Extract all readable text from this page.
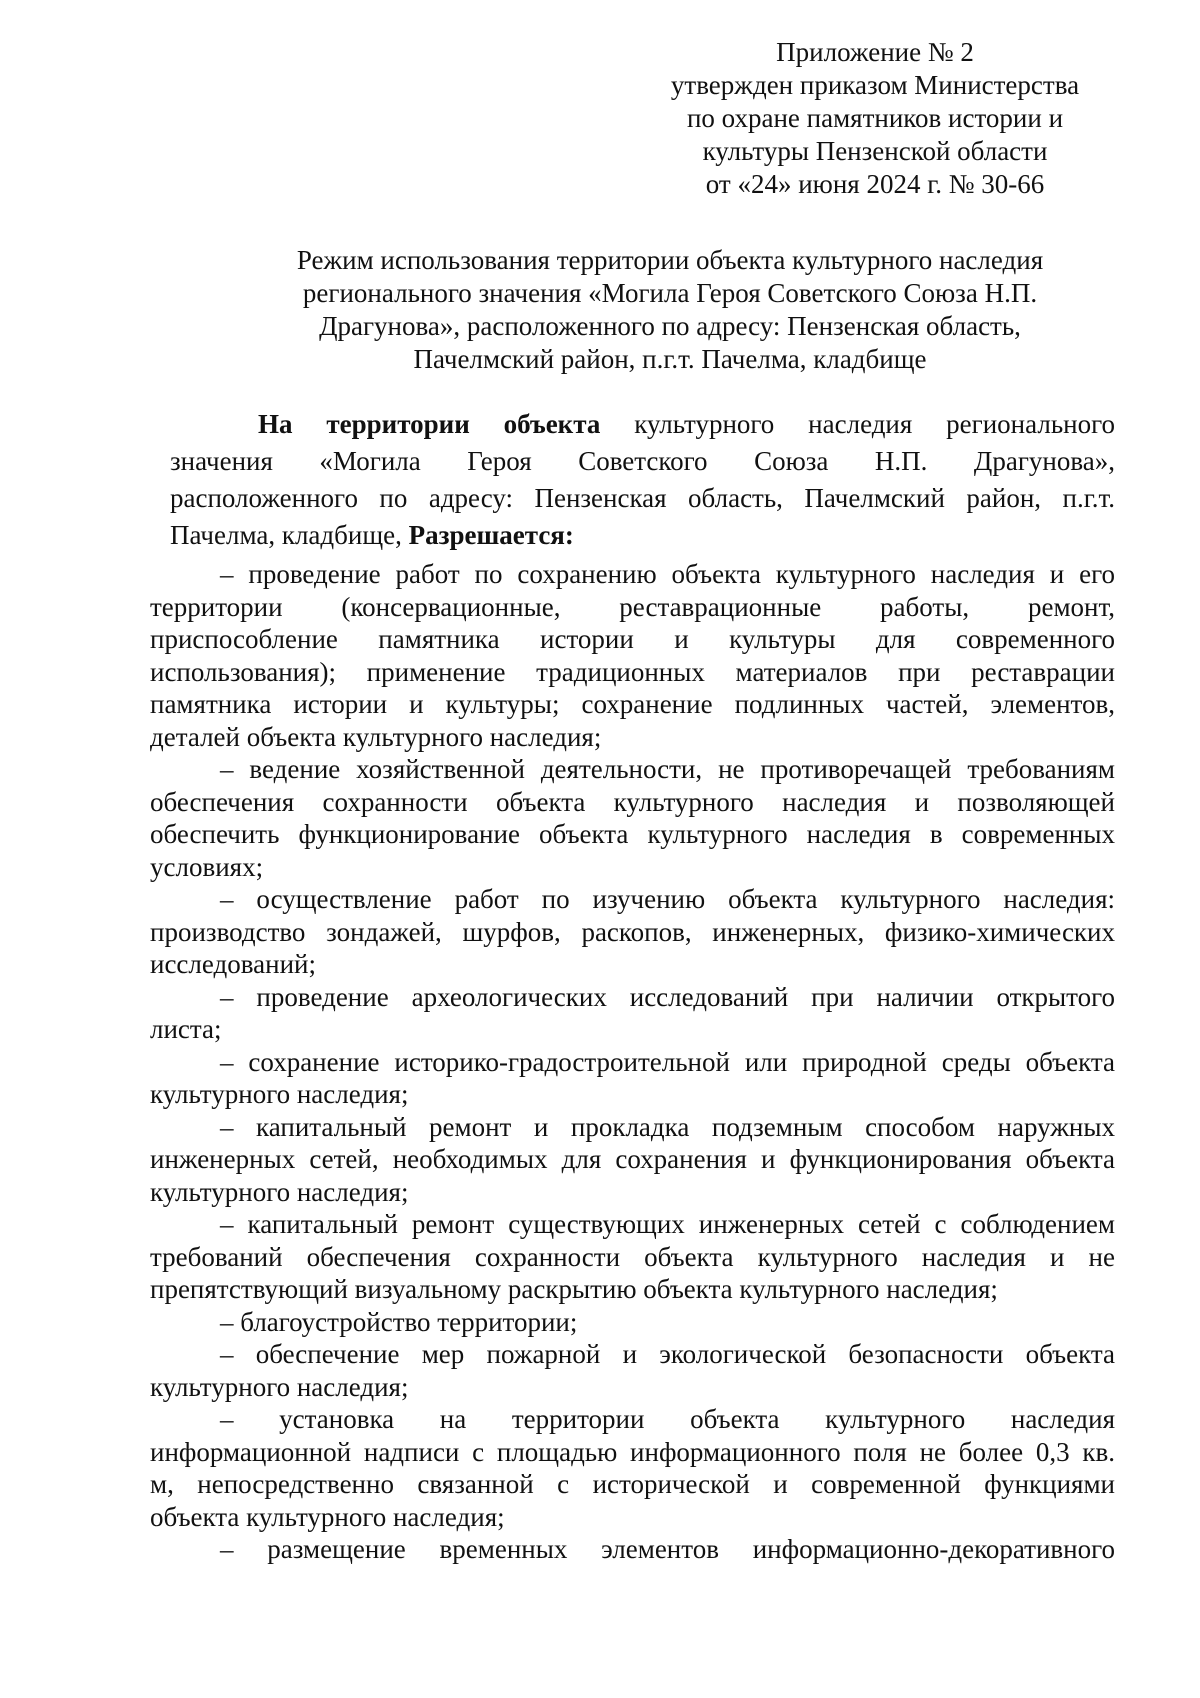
Приложение № 2
утвержден приказом Министерства
по охране памятников истории и
культуры Пензенской области
от «24» июня 2024 г. № 30-66
Режим использования территории объекта культурного наследия
регионального значения «Могила Героя Советского Союза Н.П.
Драгунова», расположенного по адресу: Пензенская область,
Пачелмский район, п.г.т. Пачелма, кладбище
На территории объекта культурного наследия регионального
значения «Могила Героя Советского Союза Н.П. Драгунова»,
расположенного по адресу: Пензенская область, Пачелмский район, п.г.т.
Пачелма, кладбище, Разрешается:
– проведение работ по сохранению объекта культурного наследия и его
территории (консервационные, реставрационные работы, ремонт,
приспособление памятника истории и культуры для современного
использования); применение традиционных материалов при реставрации
памятника истории и культуры; сохранение подлинных частей, элементов,
деталей объекта культурного наследия;
– ведение хозяйственной деятельности, не противоречащей требованиям
обеспечения сохранности объекта культурного наследия и позволяющей
обеспечить функционирование объекта культурного наследия в современных
условиях;
– осуществление работ по изучению объекта культурного наследия:
производство зондажей, шурфов, раскопов, инженерных, физико-химических
исследований;
– проведение археологических исследований при наличии открытого
листа;
– сохранение историко-градостроительной или природной среды объекта
культурного наследия;
– капитальный ремонт и прокладка подземным способом наружных
инженерных сетей, необходимых для сохранения и функционирования объекта
культурного наследия;
– капитальный ремонт существующих инженерных сетей с соблюдением
требований обеспечения сохранности объекта культурного наследия и не
препятствующий визуальному раскрытию объекта культурного наследия;
– благоустройство территории;
– обеспечение мер пожарной и экологической безопасности объекта
культурного наследия;
– установка на территории объекта культурного наследия
информационной надписи с площадью информационного поля не более 0,3 кв.
м, непосредственно связанной с исторической и современной функциями
объекта культурного наследия;
– размещение временных элементов информационно-декоративного
